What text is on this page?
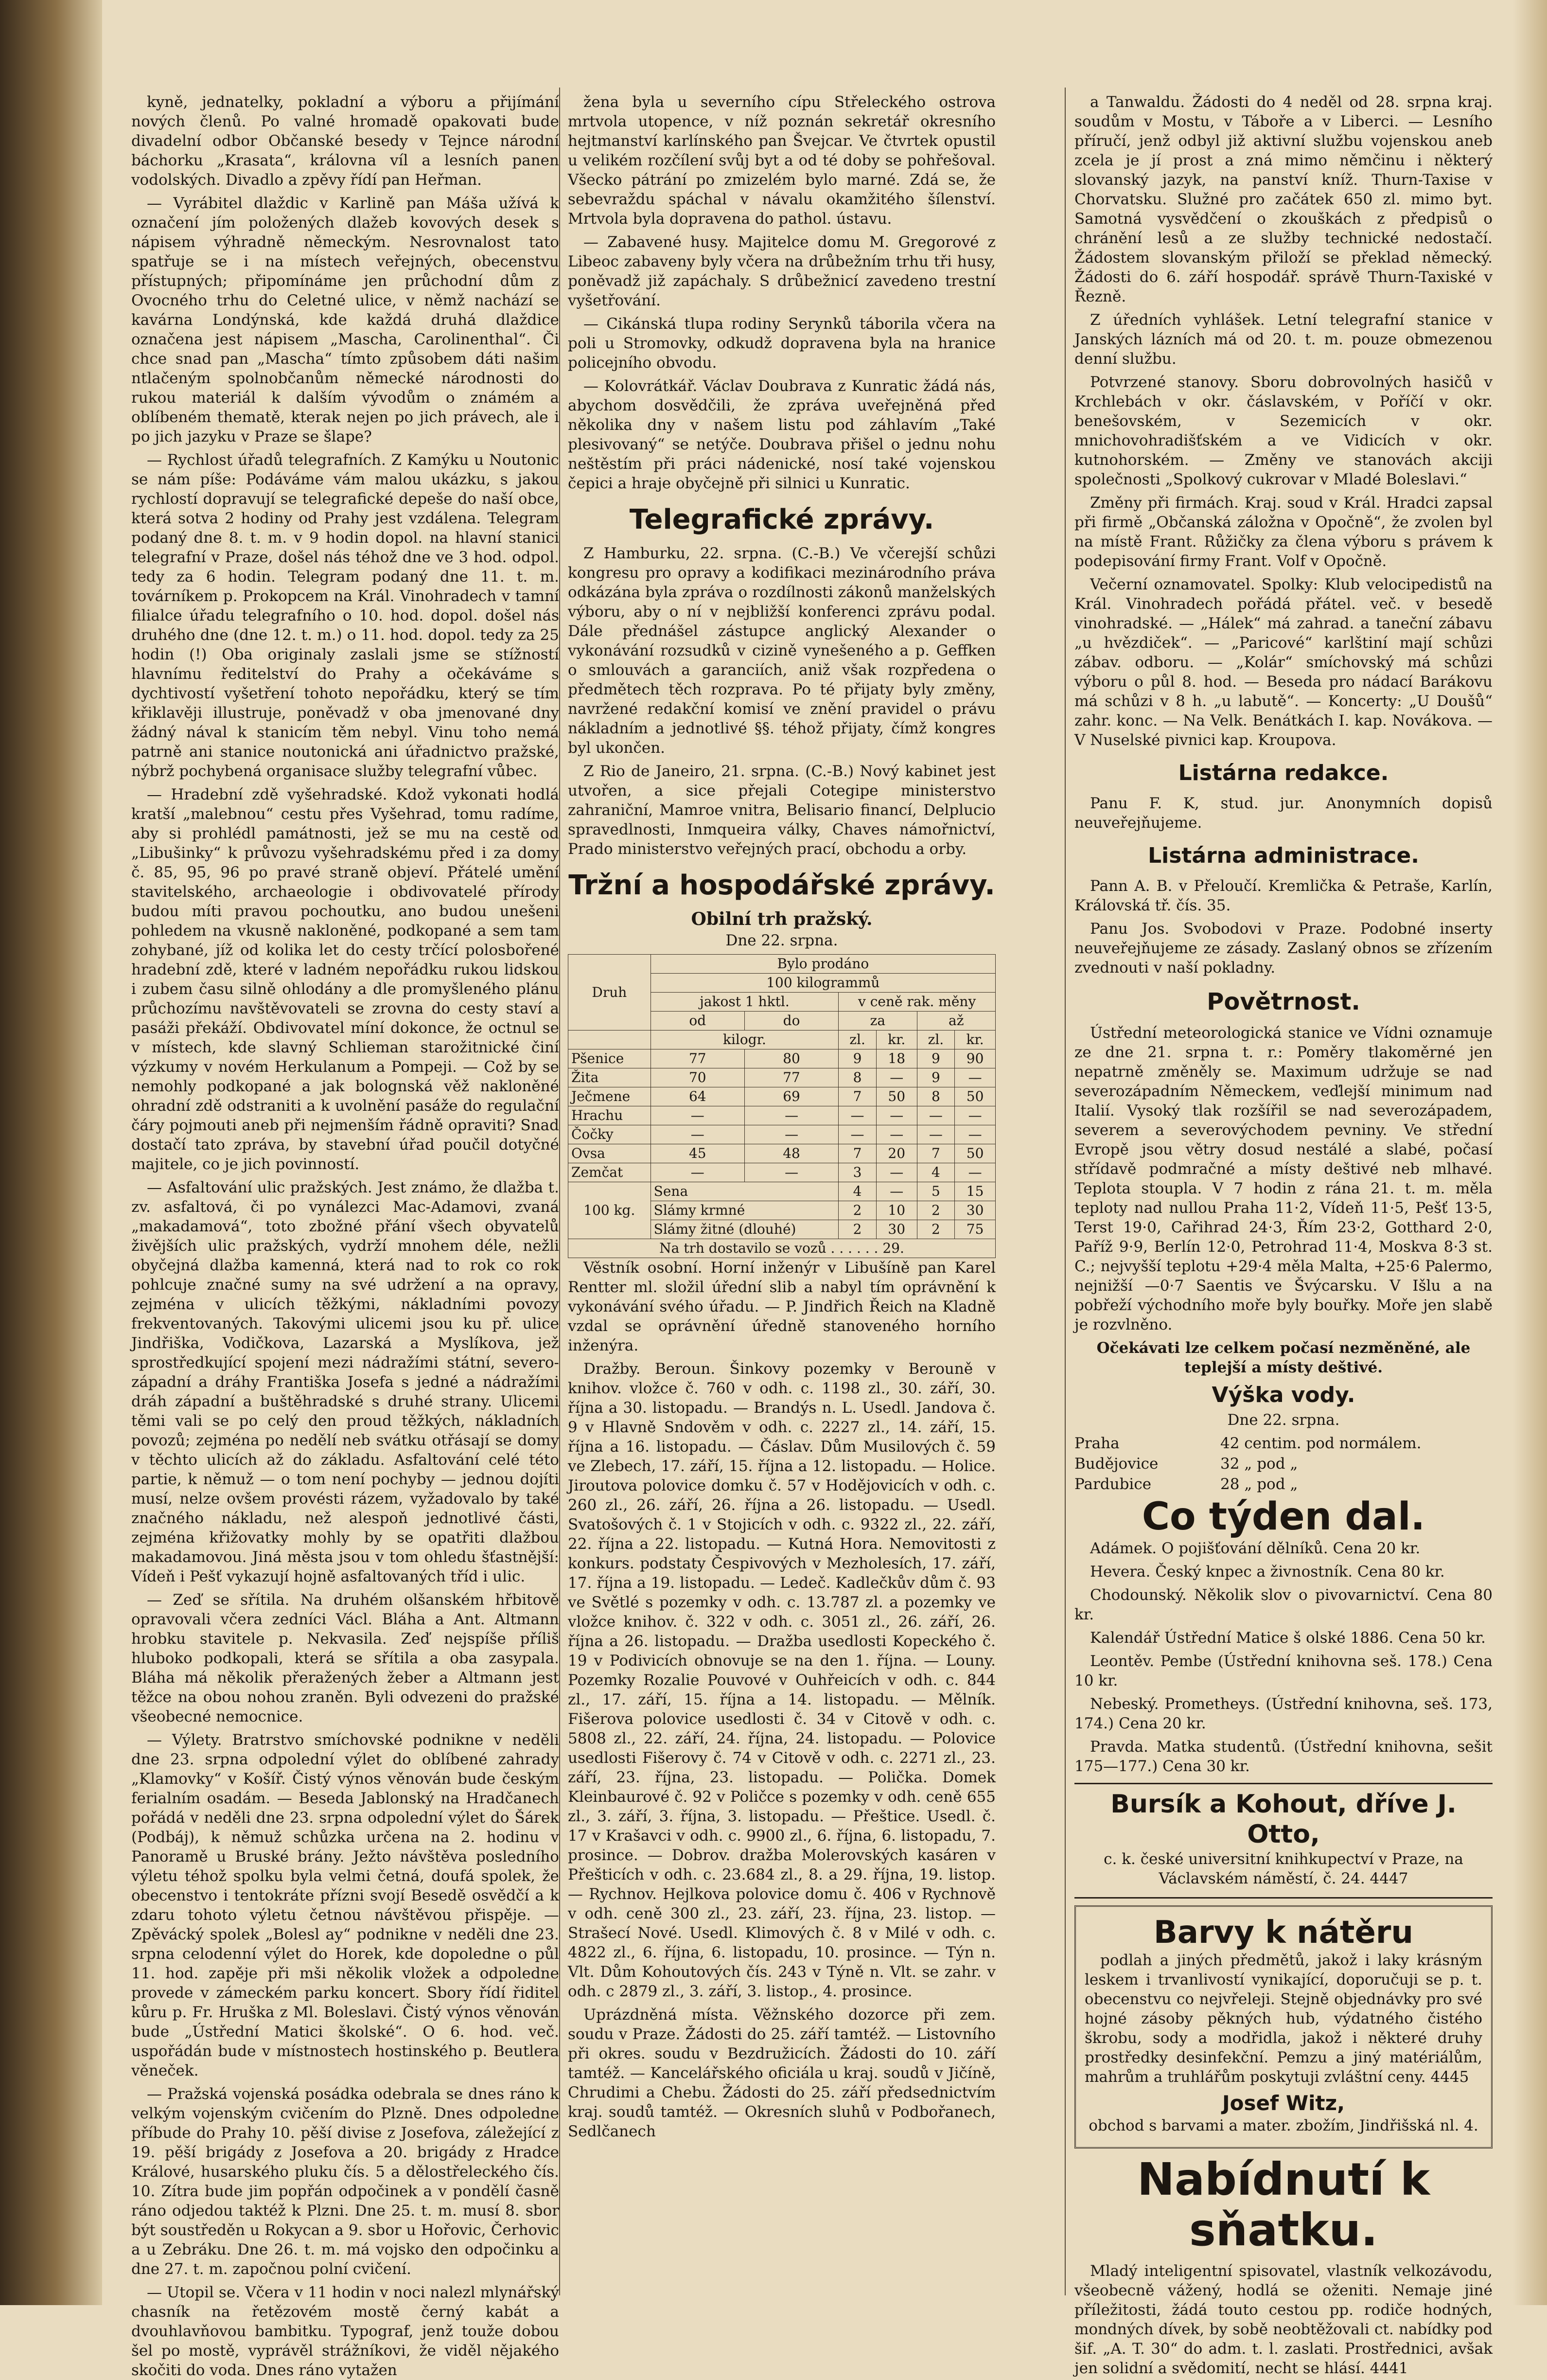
kyně, jednatelky, pokladní a výboru a přijímání nových členů. Po valné hromadě opakovati bude divadelní odbor Občanské besedy v Tejnce národní báchorku „Krasata“, královna víl a lesních panen vodolských. Divadlo a zpěvy řídí pan Heřman.

— Vyrábitel dlaždic v Karlině pan Máša užívá k označení jím položených dlažeb kovových desek s nápisem výhradně německým. Nesrovnalost tato spatřuje se i na místech veřejných, obecenstvu přístupných; připomínáme jen průchodní dům z Ovocného trhu do Celetné ulice, v němž nachází se kavárna Londýnská, kde každá druhá dlaždice označena jest nápisem „Mascha, Carolinenthal“. Či chce snad pan „Mascha“ tímto způsobem dáti našim ntlačeným spolnobčanům německé národnosti do rukou materiál k dalším vývodům o známém a oblíbeném thematě, kterak nejen po jich právech, ale i po jich jazyku v Praze se šlape?

— Rychlost úřadů telegrafních. Z Kamýku u Noutonic se nám píše: Podáváme vám malou ukázku, s jakou rychlostí dopravují se telegrafické depeše do naší obce, která sotva 2 hodiny od Prahy jest vzdálena. Telegram podaný dne 8. t. m. v 9 hodin dopol. na hlavní stanici telegrafní v Praze, došel nás téhož dne ve 3 hod. odpol. tedy za 6 hodin. Telegram podaný dne 11. t. m. továrníkem p. Prokopcem na Král. Vinohradech v tamní filialce úřadu telegrafního o 10. hod. dopol. došel nás druhého dne (dne 12. t. m.) o 11. hod. dopol. tedy za 25 hodin (!) Oba originaly zaslali jsme se stížností hlavnímu ředitelství do Prahy a očekáváme s dychtivostí vyšetření tohoto nepořádku, který se tím křiklavěji illustruje, poněvadž v oba jmenované dny žádný nával k stanicím těm nebyl. Vinu toho nemá patrně ani stanice noutonická ani úřadnictvo pražské, nýbrž pochybená organisace služby telegrafní vůbec.

— Hradební zdě vyšehradské. Kdož vykonati hodlá kratší „malebnou“ cestu přes Vyšehrad, tomu radíme, aby si prohlédl památnosti, jež se mu na cestě od „Libušinky“ k průvozu vyšehradskému před i za domy č. 85, 95, 96 po pravé straně objeví. Přátelé umění stavitelského, archaeologie i obdivovatelé přírody budou míti pravou pochoutku, ano budou unešeni pohledem na vkusně nakloněné, podkopané a sem tam zohybané, jíž od kolika let do cesty trčící polosbořené hradební zdě, které v ladném nepořádku rukou lidskou i zubem času silně ohlodány a dle promyšleného plánu průchozímu navštěvovateli se zrovna do cesty staví a pasáži překáží. Obdivovatel míní dokonce, že octnul se v místech, kde slavný Schlieman starožitnické činí výzkumy v novém Herkulanum a Pompeji. — Což by se nemohly podkopané a jak bolognská věž nakloněné ohradní zdě odstraniti a k uvolnění pasáže do regulační čáry pojmouti aneb při nejmenším řádně opraviti? Snad dostačí tato zpráva, by stavební úřad poučil dotyčné majitele, co je jich povinností.

— Asfaltování ulic pražských. Jest známo, že dlažba t. zv. asfaltová, či po vynálezci Mac-Adamovi, zvaná „makadamová“, toto zbožné přání všech obyvatelů živějších ulic pražských, vydrží mnohem déle, nežli obyčejná dlažba kamenná, která nad to rok co rok pohlcuje značné sumy na své udržení a na opravy, zejména v ulicích těžkými, nákladními povozy frekventovaných. Takovými ulicemi jsou ku př. ulice Jindřiška, Vodičkova, Lazarská a Myslíkova, jež sprostředkující spojení mezi nádražími státní, severo-západní a dráhy Františka Josefa s jedné a nádražími dráh západní a buštěhradské s druhé strany. Ulicemi těmi vali se po celý den proud těžkých, nákladních povozů; zejména po nedělí neb svátku otřásají se domy v těchto ulicích až do základu. Asfaltování celé této partie, k němuž — o tom není pochyby — jednou dojíti musí, nelze ovšem provésti rázem, vyžadovalo by také značného nákladu, než alespoň jednotlivé části, zejména křižovatky mohly by se opatřiti dlažbou makadamovou. Jiná města jsou v tom ohledu šťastnější: Vídeň i Pešť vykazují hojně asfaltovaných tříd i ulic.

— Zeď se sřítila. Na druhém olšanském hřbitově opravovali včera zedníci Václ. Bláha a Ant. Altmann hrobku stavitele p. Nekvasila. Zeď nejspíše příliš hluboko podkopali, která se sřítila a oba zasypala. Bláha má několik přeražených žeber a Altmann jest těžce na obou nohou zraněn. Byli odvezeni do pražské všeobecné nemocnice.

— Výlety. Bratrstvo smíchovské podnikne v neděli dne 23. srpna odpolední výlet do oblíbené zahrady „Klamovky“ v Košíř. Čistý výnos věnován bude českým ferialním osadám. — Beseda Jablonský na Hradčanech pořádá v neděli dne 23. srpna odpolední výlet do Šárek (Podbáj), k němuž schůzka určena na 2. hodinu v Panoramě u Bruské brány. Ježto návštěva posledního výletu téhož spolku byla velmi četná, doufá spolek, že obecenstvo i tentokráte přízni svojí Besedě osvědčí a k zdaru tohoto výletu četnou návštěvou přispěje. — Zpěvácký spolek „Bolesl ay“ podnikne v neděli dne 23. srpna celodenní výlet do Horek, kde dopoledne o půl 11. hod. zapěje při mši několik vložek a odpoledne provede v zámeckém parku koncert. Sbory řídí řiditel kůru p. Fr. Hruška z Ml. Boleslavi. Čistý výnos věnován bude „Ústřední Matici školské“. O 6. hod. več. uspořádán bude v místnostech hostinského p. Beutlera věneček.

— Pražská vojenská posádka odebrala se dnes ráno k velkým vojenským cvičením do Plzně. Dnes odpoledne příbude do Prahy 10. pěší divise z Josefova, záležející z 19. pěší brigády z Josefova a 20. brigády z Hradce Králové, husarského pluku čís. 5 a dělostřeleckého čís. 10. Zítra bude jim popřán odpočinek a v pondělí časně ráno odjedou taktéž k Plzni. Dne 25. t. m. musí 8. sbor být soustředěn u Rokycan a 9. sbor u Hořovic, Čerhovic a u Zebráku. Dne 26. t. m. má vojsko den odpočinku a dne 27. t. m. započnou polní cvičení.

— Utopil se. Včera v 11 hodin v noci nalezl mlynářský chasník na řetězovém mostě černý kabát a dvouhlavňovou bambitku. Typograf, jenž touže dobou šel po mostě, vyprávěl strážníkovi, že viděl nějakého skočiti do voda. Dnes ráno vytažen

žena byla u severního cípu Střeleckého ostrova mrtvola utopence, v níž poznán sekretář okresního hejtmanství karlínského pan Švejcar. Ve čtvrtek opustil u velikém rozčílení svůj byt a od té doby se pohřešoval. Všecko pátrání po zmizelém bylo marné. Zdá se, že sebevraždu spáchal v návalu okamžitého šílenství. Mrtvola byla dopravena do pathol. ústavu.

— Zabavené husy. Majitelce domu M. Gregorové z Libeoc zabaveny byly včera na drůbežním trhu tři husy, poněvadž již zapáchaly. S drůbežnicí zavedeno trestní vyšetřování.

— Cikánská tlupa rodiny Serynků táborila včera na poli u Stromovky, odkudž dopravena byla na hranice policejního obvodu.

— Kolovrátkář. Václav Doubrava z Kunratic žádá nás, abychom dosvědčili, že zpráva uveřejněná před několika dny v našem listu pod záhlavím „Také plesivovaný“ se netýče. Doubrava přišel o jednu nohu neštěstím při práci nádenické, nosí také vojenskou čepici a hraje obyčejně při silnici u Kunratic.

Telegrafické zprávy.

Z Hamburku, 22. srpna. (C.-B.) Ve včerejší schůzi kongresu pro opravy a kodifikaci mezinárodního práva odkázána byla zpráva o rozdílnosti zákonů manželských výboru, aby o ní v nejbližší konferenci zprávu podal. Dále přednášel zástupce anglický Alexander o vykonávání rozsudků v cizině vynešeného a p. Geffken o smlouvách a garanciích, aniž však rozpředena o předmětech těch rozprava. Po té přijaty byly změny, navržené redakční komisí ve znění pravidel o právu nákladním a jednotlivé §§. téhož přijaty, čímž kongres byl ukončen.

Z Rio de Janeiro, 21. srpna. (C.-B.) Nový kabinet jest utvořen, a sice přejali Cotegipe ministerstvo zahraniční, Mamroe vnitra, Belisario financí, Delplucio spravedlnosti, Inmqueira války, Chaves námořnictví, Prado ministerstvo veřejných prací, obchodu a orby.

Tržní a hospodářské zprávy.
Obilní trh pražský.

Dne 22. srpna.

Druh	Bylo prodáno					
	100 kilogrammů					
	jakost 1 hktl.		v ceně rak. měny			
	od	do	za		až	
	kilogr.		zl.	kr.	zl.	kr.
Pšenice	77	80	9	18	9	90
Žita	70	77	8	—	9	—
Ječmene	64	69	7	50	8	50
Hrachu	—	—	—	—	—	—
Čočky	—	—	—	—	—	—
Ovsa	45	48	7	20	7	50
Zemčat	—	—	3	—	4	—
100 kg.	Sena		4	—	5	15
	Slámy krmné		2	10	2	30
	Slámy žitné (dlouhé)		2	30	2	75
Na trh dostavilo se vozů . . . . . . 29.						

Věstník osobní. Horní inženýr v Libušíně pan Karel Rentter ml. složil úřední slib a nabyl tím oprávnění k vykonávání svého úřadu. — P. Jindřich Řeich na Kladně vzdal se oprávnění úředně stanoveného horního inženýra.

Dražby. Beroun. Šinkovy pozemky v Berouně v knihov. vložce č. 760 v odh. c. 1198 zl., 30. září, 30. října a 30. listopadu. — Brandýs n. L. Usedl. Jandova č. 9 v Hlavně Sndověm v odh. c. 2227 zl., 14. září, 15. října a 16. listopadu. — Čáslav. Dům Musilových č. 59 ve Zlebech, 17. září, 15. října a 12. listopadu. — Holice. Jiroutova polovice domku č. 57 v Hodějovicích v odh. c. 260 zl., 26. září, 26. října a 26. listopadu. — Usedl. Svatošových č. 1 v Stojicích v odh. c. 9322 zl., 22. září, 22. října a 22. listopadu. — Kutná Hora. Nemovitosti z konkurs. podstaty Čespivových v Mezholesích, 17. září, 17. října a 19. listopadu. — Ledeč. Kadlečkův dům č. 93 ve Světlé s pozemky v odh. c. 13.787 zl. a pozemky ve vložce knihov. č. 322 v odh. c. 3051 zl., 26. září, 26. října a 26. listopadu. — Dražba usedlosti Kopeckého č. 19 v Podivicích obnovuje se na den 1. října. — Louny. Pozemky Rozalie Pouvové v Ouhřeicích v odh. c. 844 zl., 17. září, 15. října a 14. listopadu. — Mělník. Fišerova polovice usedlosti č. 34 v Citově v odh. c. 5808 zl., 22. září, 24. října, 24. listopadu. — Polovice usedlosti Fišerovy č. 74 v Citově v odh. c. 2271 zl., 23. září, 23. října, 23. listopadu. — Polička. Domek Kleinbaurové č. 92 v Poličce s pozemky v odh. ceně 655 zl., 3. září, 3. října, 3. listopadu. — Přeštice. Usedl. č. 17 v Krašavci v odh. c. 9900 zl., 6. října, 6. listopadu, 7. prosince. — Dobrov. dražba Molerovských kasáren v Přešticích v odh. c. 23.684 zl., 8. a 29. října, 19. listop. — Rychnov. Hejlkova polovice domu č. 406 v Rychnově v odh. ceně 300 zl., 23. září, 23. října, 23. listop. — Strašecí Nové. Usedl. Klimových č. 8 v Milé v odh. c. 4822 zl., 6. října, 6. listopadu, 10. prosince. — Týn n. Vlt. Dům Kohoutových čís. 243 v Týně n. Vlt. se zahr. v odh. c 2879 zl., 3. září, 3. listop., 4. prosince.

Uprázdněná místa. Věžnského dozorce při zem. soudu v Praze. Žádosti do 25. září tamtéž. — Listovního při okres. soudu v Bezdružicích. Žádosti do 10. září tamtéž. — Kancelářského oficiála u kraj. soudů v Jičíně, Chrudimi a Chebu. Žádosti do 25. září předsednictvím kraj. soudů tamtéž. — Okresních sluhů v Podbořanech, Sedlčanech

a Tanwaldu. Žádosti do 4 neděl od 28. srpna kraj. soudům v Mostu, v Táboře a v Liberci. — Lesního příručí, jenž odbyl již aktivní službu vojenskou aneb zcela je jí prost a zná mimo němčinu i některý slovanský jazyk, na panství kníž. Thurn-Taxise v Chorvatsku. Služné pro začátek 650 zl. mimo byt. Samotná vysvědčení o zkouškách z předpisů o chránění lesů a ze služby technické nedostačí. Žádostem slovanským přiloží se překlad německý. Žádosti do 6. září hospodář. správě Thurn-Taxiské v Řezně.

Z úředních vyhlášek. Letní telegrafní stanice v Janských lázních má od 20. t. m. pouze obmezenou denní službu.

Potvrzené stanovy. Sboru dobrovolných hasičů v Krchlebách v okr. čáslavském, v Poříčí v okr. benešovském, v Sezemicích v okr. mnichovohradišťském a ve Vidicích v okr. kutnohorském. — Změny ve stanovách akciji společnosti „Spolkový cukrovar v Mladé Boleslavi.“

Změny při firmách. Kraj. soud v Král. Hradci zapsal při firmě „Občanská záložna v Opočně“, že zvolen byl na místě Frant. Růžičky za člena výboru s právem k podepisování firmy Frant. Volf v Opočně.

Večerní oznamovatel. Spolky: Klub velocipedistů na Král. Vinohradech pořádá přátel. več. v besedě vinohradské. — „Hálek“ má zahrad. a taneční zábavu „u hvězdiček“. — „Paricové“ karlštiní mají schůzi zábav. odboru. — „Kolár“ smíchovský má schůzi výboru o půl 8. hod. — Beseda pro nádací Barákovu má schůzi v 8 h. „u labutě“. — Koncerty: „U Doušů“ zahr. konc. — Na Velk. Benátkách I. kap. Novákova. — V Nuselské pivnici kap. Kroupova.

Listárna redakce.

Panu F. K, stud. jur. Anonymních dopisů neuveřejňujeme.

Listárna administrace.

Pann A. B. v Přeloučí. Kremlička & Petraše, Karlín, Královská tř. čís. 35.

Panu Jos. Svobodovi v Praze. Podobné inserty neuveřejňujeme ze zásady. Zaslaný obnos se zřízením zvednouti v naší pokladny.

Povětrnost.

Ústřední meteorologická stanice ve Vídni oznamuje ze dne 21. srpna t. r.: Poměry tlakoměrné jen nepatrně změněly se. Maximum udržuje se nad severozápadním Německem, veďlejší minimum nad Italií. Vysoký tlak rozšířil se nad severozápadem, severem a severovýchodem pevniny. Ve střední Evropě jsou větry dosud nestálé a slabé, počasí střídavě podmračné a místy deštivé neb mlhavé. Teplota stoupla. V 7 hodin z rána 21. t. m. měla teploty nad nullou Praha 11·2, Vídeň 11·5, Pešť 13·5, Terst 19·0, Cařihrad 24·3, Řím 23·2, Gotthard 2·0, Paříž 9·9, Berlín 12·0, Petrohrad 11·4, Moskva 8·3 st. C.; nejvyšší teplotu +29·4 měla Malta, +25·6 Palermo, nejnižší —0·7 Saentis ve Švýcarsku. V Išlu a na pobřeží východního moře byly bouřky. Moře jen slabě je rozvlněno.

Očekávati lze celkem počasí nezměněné, ale teplejší a místy deštivé.

Výška vody.

Dne 22. srpna.

Praha	42 centim. pod normálem.

Budějovice	32 „ pod „

Pardubice	28 „ pod „

Co týden dal.

Adámek. O pojišťování dělníků. Cena 20 kr.

Hevera. Český knpec a živnostník. Cena 80 kr.

Chodounský. Několik slov o pivovarnictví. Cena 80 kr.

Kalendář Ústřední Matice š olské 1886. Cena 50 kr.

Leontěv. Pembe (Ústřední knihovna seš. 178.) Cena 10 kr.

Nebeský. Prometheys. (Ústřední knihovna, seš. 173, 174.) Cena 20 kr.

Pravda. Matka studentů. (Ústřední knihovna, sešit 175—177.) Cena 30 kr.

Bursík a Kohout, dříve J. Otto,

c. k. české universitní knihkupectví v Praze, na Václavském náměstí, č. 24. 4447

Barvy k nátěru

podlah a jiných předmětů, jakož i laky krásným leskem i trvanlivostí vynikající, doporučuji se p. t. obecenstvu co nejvřeleji. Stejně objednávky pro své hojné zásoby pěkných hub, výdatného čistého škrobu, sody a modřidla, jakož i některé druhy prostředky desinfekční. Pemzu a jiný matériálům, mahrům a truhlářům poskytuji zvláštní ceny. 4445

Josef Witz,

obchod s barvami a mater. zbožím, Jindřišská nl. 4.

Nabídnutí k sňatku.

Mladý inteligentní spisovatel, vlastník velkozávodu, všeobecně vážený, hodlá se oženiti. Nemaje jiné příležitosti, žádá touto cestou pp. rodiče hodných, mondných dívek, by sobě neobtěžovali ct. nabídky pod šif. „A. T. 30“ do adm. t. l. zaslati. Prostřednici, avšak jen solidní a svědomití, necht se hlásí. 4441
